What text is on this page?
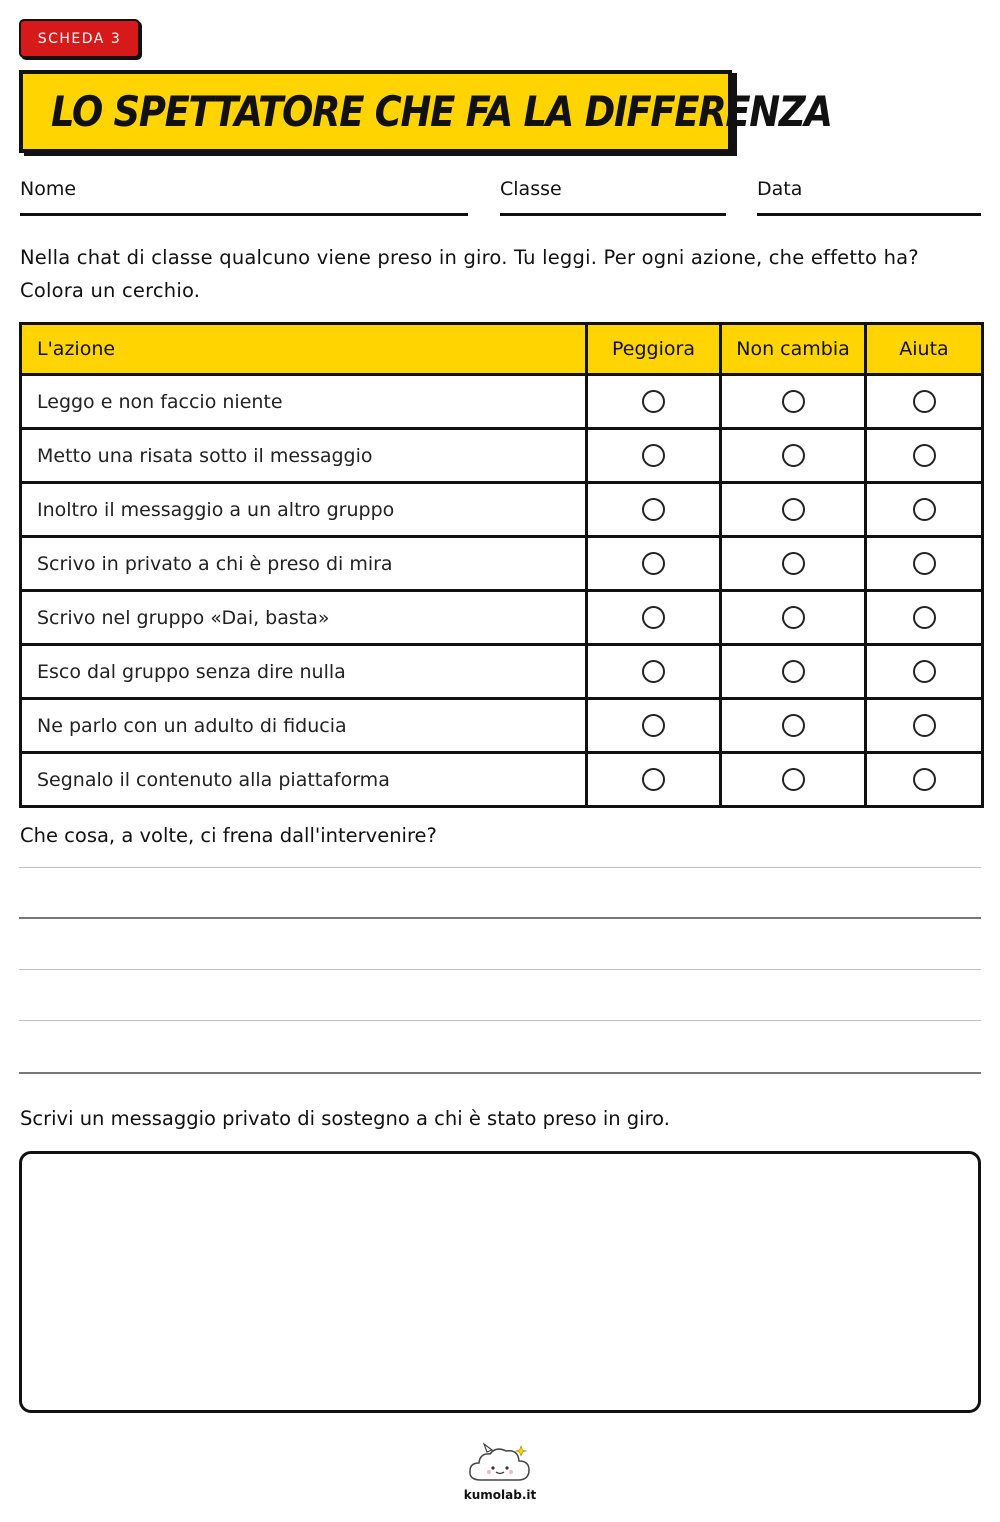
SCHEDA 3
LO SPETTATORE CHE FA LA DIFFERENZA
Nome	Classe	Data

Nella chat di classe qualcuno viene preso in giro. Tu leggi. Per ogni azione, che effetto ha? Colora un cerchio.

L'azione	Peggiora	Non cambia	Aiuta
Leggo e non faccio niente			
Metto una risata sotto il messaggio			
Inoltro il messaggio a un altro gruppo			
Scrivo in privato a chi è preso di mira			
Scrivo nel gruppo «Dai, basta»			
Esco dal gruppo senza dire nulla			
Ne parlo con un adulto di fiducia			
Segnalo il contenuto alla piattaforma			
Che cosa, a volte, ci frena dall'intervenire?
Scrivi un messaggio privato di sostegno a chi è stato preso in giro.
kumolab.it
